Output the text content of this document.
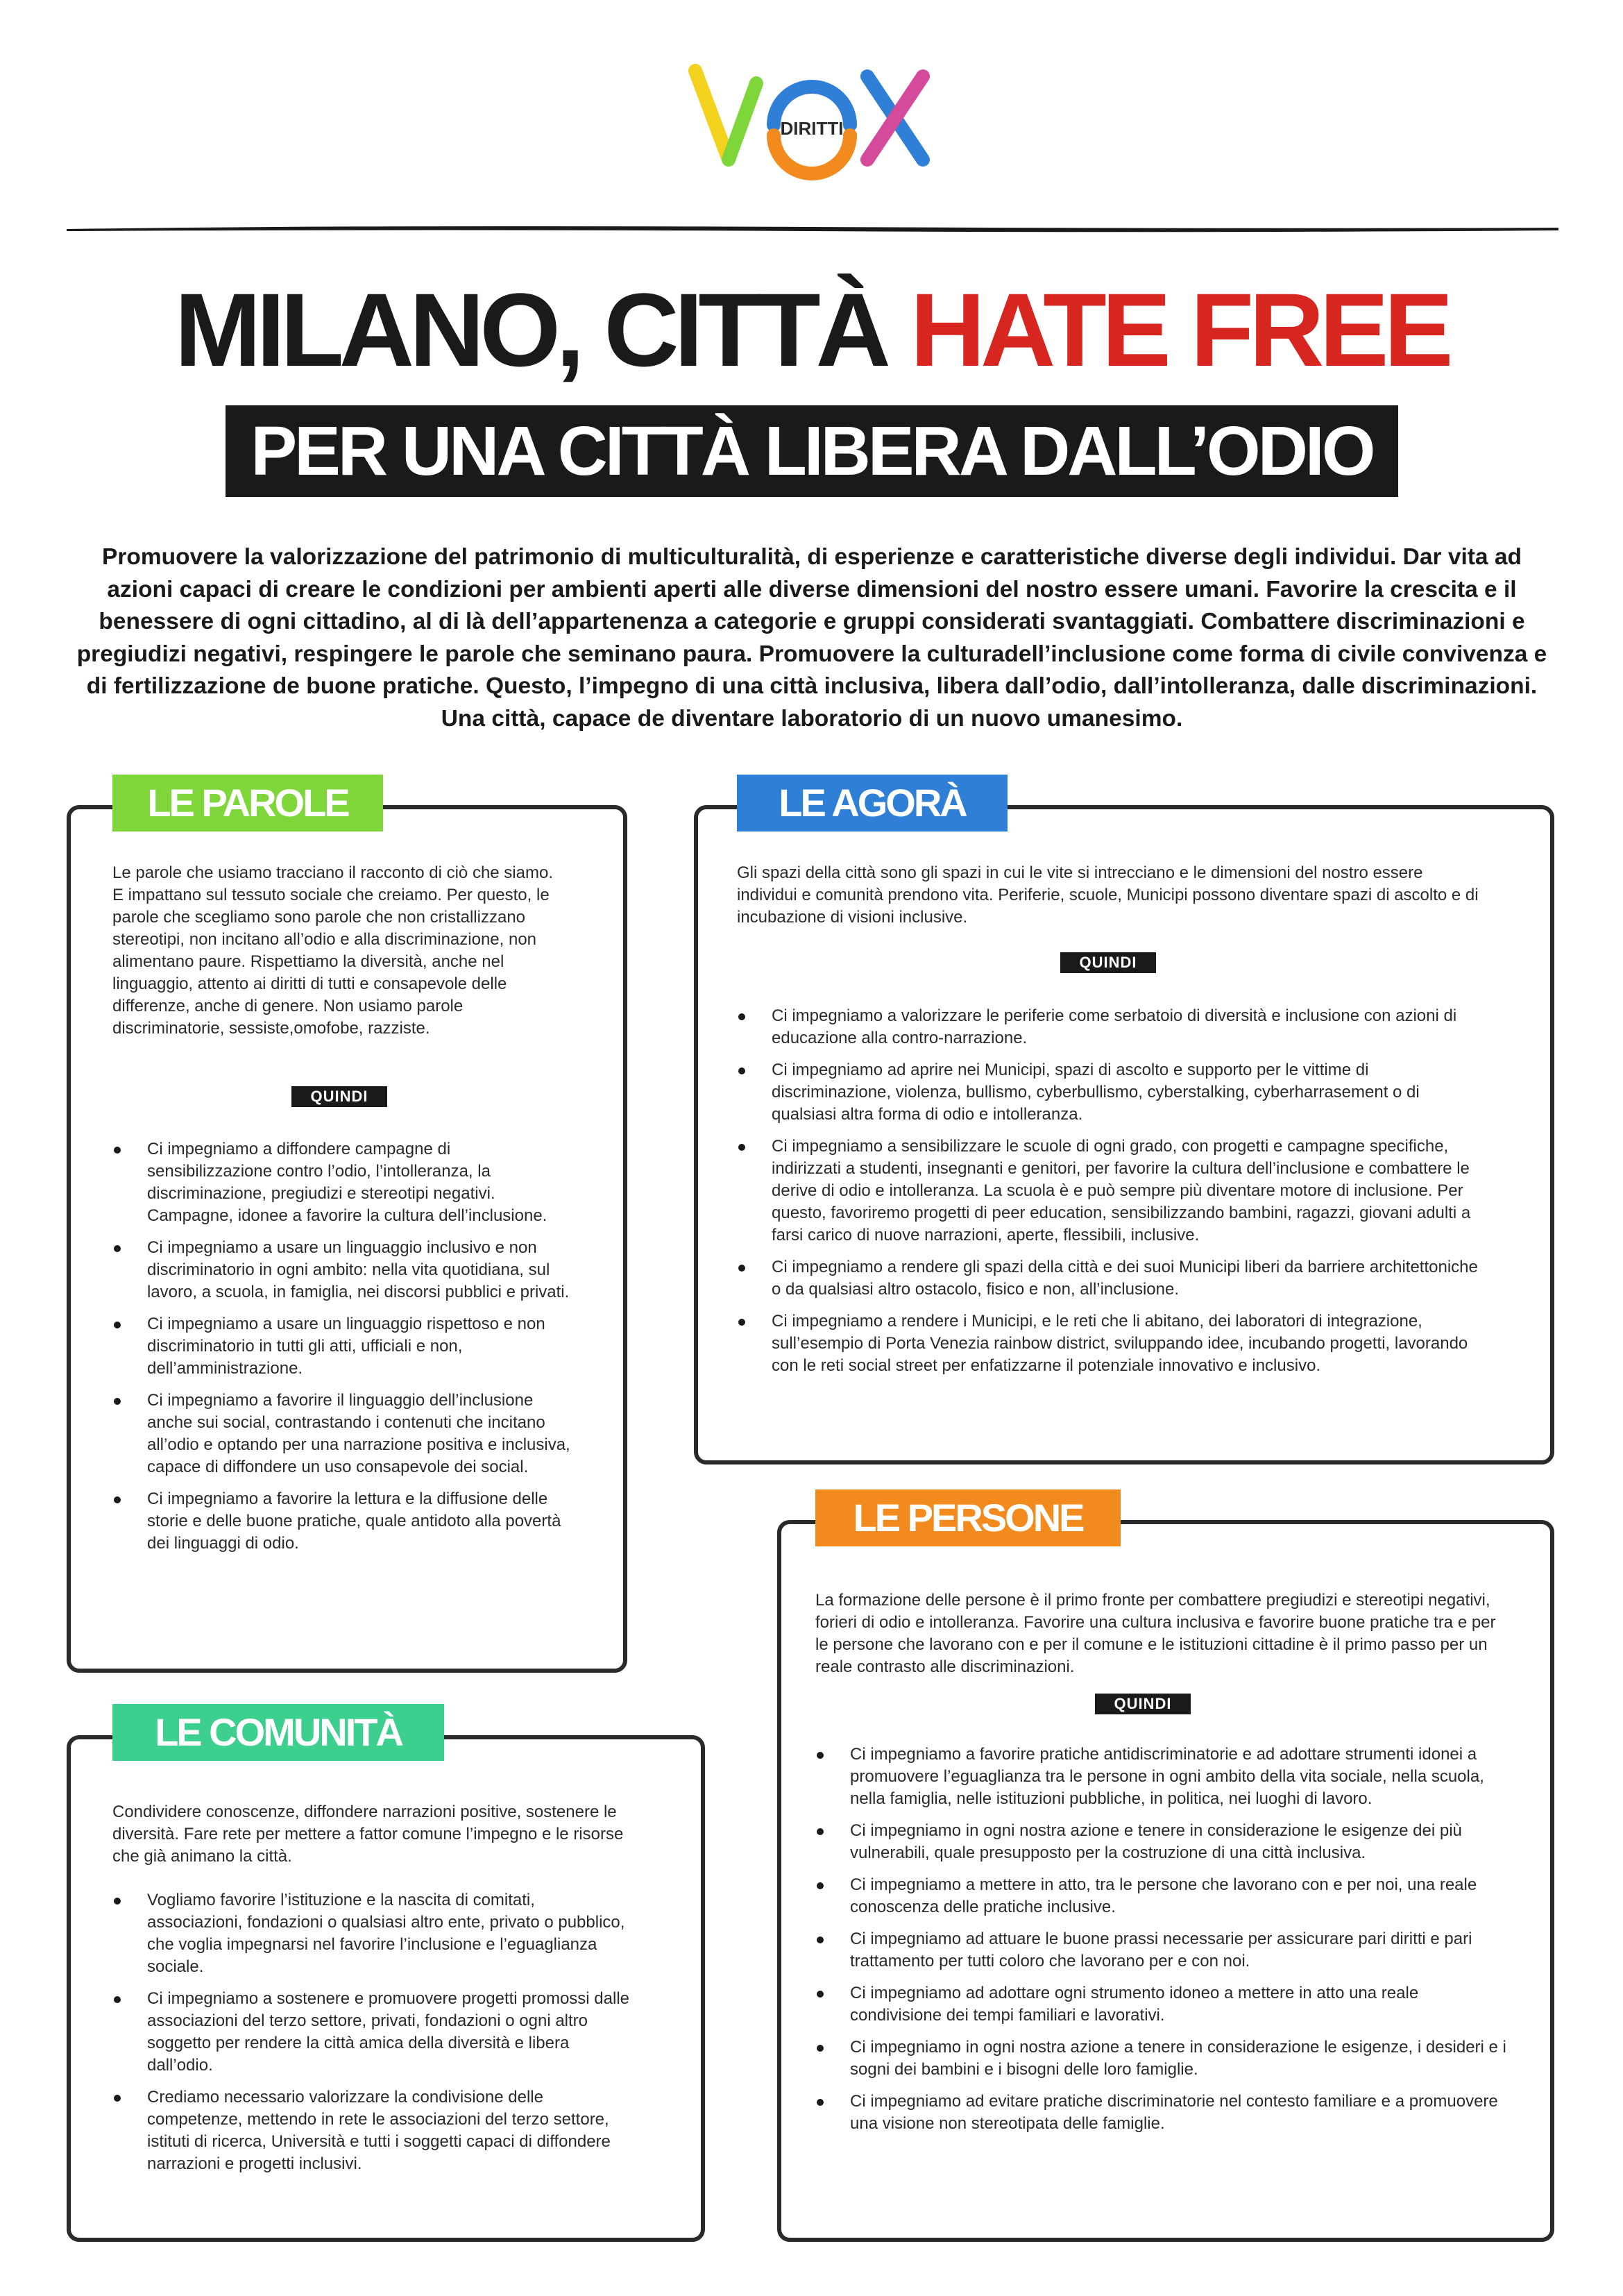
DIRITTI
MILANO, CITTÀ HATE FREE
PER UNA CITTÀ LIBERA DALL’ODIO
Promuovere la valorizzazione del patrimonio di multiculturalità, di esperienze e caratteristiche diverse degli individui. Dar vita ad azioni capaci di creare le condizioni per ambienti aperti alle diverse dimensioni del nostro essere umani. Favorire la crescita e il benessere di ogni cittadino, al di là dell’appartenenza a categorie e gruppi considerati svantaggiati. Combattere discriminazioni e pregiudizi negativi, respingere le parole che seminano paura. Promuovere la culturadell’inclusione come forma di civile convivenza e di fertilizzazione de buone pratiche. Questo, l’impegno di una città inclusiva, libera dall’odio, dall’intolleranza, dalle discriminazioni. Una città, capace de diventare laboratorio di un nuovo umanesimo.
LE PAROLE
Le parole che usiamo tracciano il racconto di ciò che siamo. E impattano sul tessuto sociale che creiamo. Per questo, le parole che scegliamo sono parole che non cristallizzano stereotipi, non incitano all’odio e alla discriminazione, non alimentano paure. Rispettiamo la diversità, anche nel linguaggio, attento ai diritti di tutti e consapevole delle differenze, anche di genere. Non usiamo parole discriminatorie, sessiste,omofobe, razziste.
QUINDI
Ci impegniamo a diffondere campagne di sensibilizzazione contro l’odio, l’intolleranza, la discriminazione, pregiudizi e stereotipi negativi. Campagne, idonee a favorire la cultura dell’inclusione.
Ci impegniamo a usare un linguaggio inclusivo e non discriminatorio in ogni ambito: nella vita quotidiana, sul lavoro, a scuola, in famiglia, nei discorsi pubblici e privati.
Ci impegniamo a usare un linguaggio rispettoso e non discriminatorio in tutti gli atti, ufficiali e non, dell’amministrazione.
Ci impegniamo a favorire il linguaggio dell’inclusione anche sui social, contrastando i contenuti che incitano all’odio e optando per una narrazione positiva e inclusiva, capace di diffondere un uso consapevole dei social.
Ci impegniamo a favorire la lettura e la diffusione delle storie e delle buone pratiche, quale antidoto alla povertà dei linguaggi di odio.
LE AGORÀ
Gli spazi della città sono gli spazi in cui le vite si intrecciano e le dimensioni del nostro essere individui e comunità prendono vita. Periferie, scuole, Municipi possono diventare spazi di ascolto e di incubazione di visioni inclusive.
QUINDI
Ci impegniamo a valorizzare le periferie come serbatoio di diversità e inclusione con azioni di educazione alla contro-narrazione.
Ci impegniamo ad aprire nei Municipi, spazi di ascolto e supporto per le vittime di discriminazione, violenza, bullismo, cyberbullismo, cyberstalking, cyberharrasement o di qualsiasi altra forma di odio e intolleranza.
Ci impegniamo a sensibilizzare le scuole di ogni grado, con progetti e campagne specifiche, indirizzati a studenti, insegnanti e genitori, per favorire la cultura dell’inclusione e combattere le derive di odio e intolleranza. La scuola è e può sempre più diventare motore di inclusione. Per questo, favoriremo progetti di peer education, sensibilizzando bambini, ragazzi, giovani adulti a farsi carico di nuove narrazioni, aperte, flessibili, inclusive.
Ci impegniamo a rendere gli spazi della città e dei suoi Municipi liberi da barriere architettoniche o da qualsiasi altro ostacolo, fisico e non, all’inclusione.
Ci impegniamo a rendere i Municipi, e le reti che li abitano, dei laboratori di integrazione, sull’esempio di Porta Venezia rainbow district, sviluppando idee, incubando progetti, lavorando con le reti social street per enfatizzarne il potenziale innovativo e inclusivo.
LE PERSONE
La formazione delle persone è il primo fronte per combattere pregiudizi e stereotipi negativi, forieri di odio e intolleranza. Favorire una cultura inclusiva e favorire buone pratiche tra e per le persone che lavorano con e per il comune e le istituzioni cittadine è il primo passo per un reale contrasto alle discriminazioni.
QUINDI
Ci impegniamo a favorire pratiche antidiscriminatorie e ad adottare strumenti idonei a promuovere l’eguaglianza tra le persone in ogni ambito della vita sociale, nella scuola, nella famiglia, nelle istituzioni pubbliche, in politica, nei luoghi di lavoro.
Ci impegniamo in ogni nostra azione e tenere in considerazione le esigenze dei più vulnerabili, quale presupposto per la costruzione di una città inclusiva.
Ci impegniamo a mettere in atto, tra le persone che lavorano con e per noi, una reale conoscenza delle pratiche inclusive.
Ci impegniamo ad attuare le buone prassi necessarie per assicurare pari diritti e pari trattamento per tutti coloro che lavorano per e con noi.
Ci impegniamo ad adottare ogni strumento idoneo a mettere in atto una reale condivisione dei tempi familiari e lavorativi.
Ci impegniamo in ogni nostra azione a tenere in considerazione le esigenze, i desideri e i sogni dei bambini e i bisogni delle loro famiglie.
Ci impegniamo ad evitare pratiche discriminatorie nel contesto familiare e a promuovere una visione non stereotipata delle famiglie.
LE COMUNITÀ
Condividere conoscenze, diffondere narrazioni positive, sostenere le diversità. Fare rete per mettere a fattor comune l’impegno e le risorse che già animano la città.
Vogliamo favorire l’istituzione e la nascita di comitati, associazioni, fondazioni o qualsiasi altro ente, privato o pubblico, che voglia impegnarsi nel favorire l’inclusione e l’eguaglianza sociale.
Ci impegniamo a sostenere e promuovere progetti promossi dalle associazioni del terzo settore, privati, fondazioni o ogni altro soggetto per rendere la città amica della diversità e libera dall’odio.
Crediamo necessario valorizzare la condivisione delle competenze, mettendo in rete le associazioni del terzo settore, istituti di ricerca, Università e tutti i soggetti capaci di diffondere narrazioni e progetti inclusivi.
